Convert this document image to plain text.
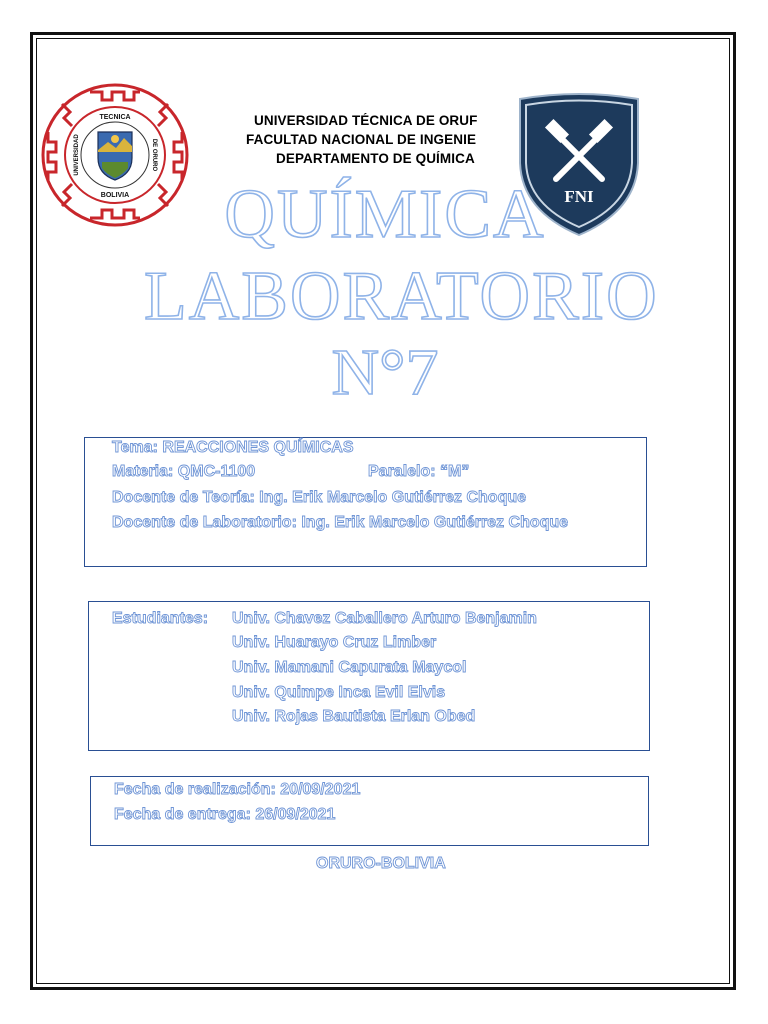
TECNICA
BOLIVIA
UNIVERSIDAD	DE ORURO
UNIVERSIDAD TÉCNICA DE ORUF
FACULTAD NACIONAL DE INGENIE
DEPARTAMENTO DE QUÍMICA
FNI
QUÍMICA
LABORATORIO
N°7
Tema: REACCIONES QUÍMICAS
Materia: QMC-1100	Paralelo: “M”
Docente de Teoría: Ing. Erik Marcelo Gutiérrez Choque
Docente de Laboratorio: Ing. Erik Marcelo Gutiérrez Choque
Estudiantes: Univ. Chavez Caballero Arturo Benjamin
Univ. Huarayo Cruz Limber
Univ. Mamani Capurata Maycol
Univ. Quimpe Inca Evil Elvis
Univ. Rojas Bautista Erlan Obed
Fecha de realización: 20/09/2021
Fecha de entrega: 26/09/2021
ORURO-BOLIVIA
